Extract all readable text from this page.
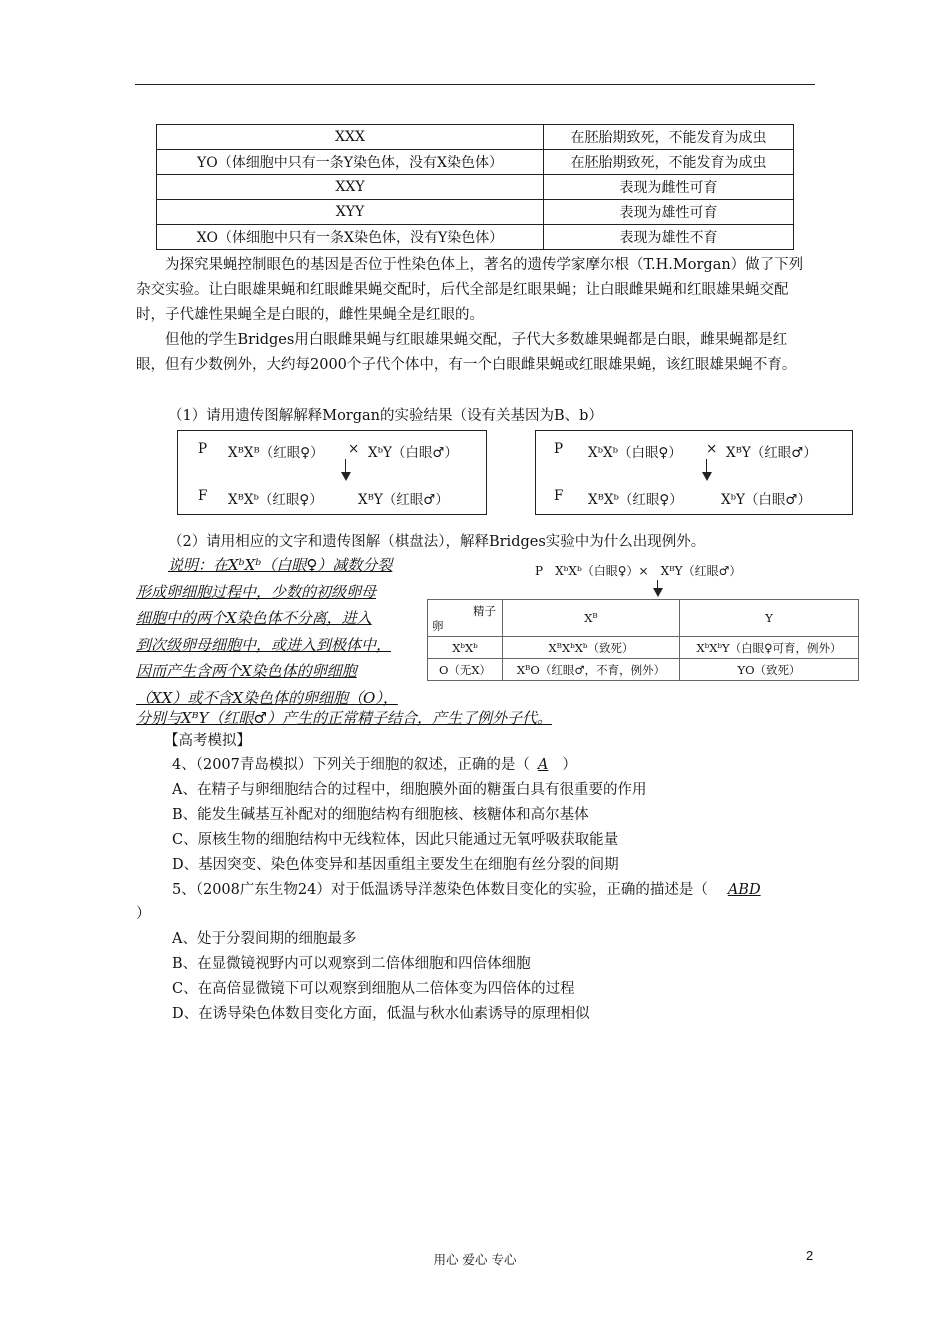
XXX	在胚胎期致死，不能发育为成虫
YO（体细胞中只有一条Y染色体，没有X染色体）	在胚胎期致死，不能发育为成虫
XXY	表现为雌性可育
XYY	表现为雄性可育
XO（体细胞中只有一条X染色体，没有Y染色体）	表现为雄性不育
　　为探究果蝇控制眼色的基因是否位于性染色体上，著名的遗传学家摩尔根（T.H.Morgan）做了下列杂交实验。让白眼雄果蝇和红眼雌果蝇交配时，后代全部是红眼果蝇；让白眼雌果蝇和红眼雄果蝇交配时，子代雄性果蝇全是白眼的，雌性果蝇全是红眼的。
　　但他的学生Bridges用白眼雌果蝇与红眼雄果蝇交配，子代大多数雄果蝇都是白眼，雌果蝇都是红眼，但有少数例外，大约每2000个子代个体中，有一个白眼雌果蝇或红眼雄果蝇，该红眼雄果蝇不育。
（1）请用遗传图解解释Morgan的实验结果（设有关基因为B、b）
P XᴮXᴮ（红眼♀） × XᵇY（白眼♂）
F XᴮXᵇ（红眼♀）	XᴮY（红眼♂）
P XᵇXᵇ（白眼♀） × XᴮY（红眼♂）
F XᴮXᵇ（红眼♀）	XᵇY（白眼♂）
（2）请用相应的文字和遗传图解（棋盘法），解释Bridges实验中为什么出现例外。
说明：在XᵇXᵇ（白眼♀）减数分裂
形成卵细胞过程中，少数的初级卵母
细胞中的两个X染色体不分离，进入
到次级卵母细胞中，或进入到极体中，
因而产生含两个X染色体的卵细胞
（XX）或不含X染色体的卵细胞（O），
分别与XᴮY（红眼♂）产生的正常精子结合，产生了例外子代。
P　XᵇXᵇ（白眼♀）×　XᴮY（红眼♂）
精子
卵	Xᴮ	Y
XᵇXᵇ	XᴮXᵇXᵇ（致死）	XᵇXᵇY（白眼♀可育，例外）
O（无X）	XᴮO（红眼♂，不育，例外）	YO（致死）
【高考模拟】
4、（2007青岛模拟）下列关于细胞的叙述，正确的是（ A ）
A、在精子与卵细胞结合的过程中，细胞膜外面的糖蛋白具有很重要的作用
B、能发生碱基互补配对的细胞结构有细胞核、核糖体和高尔基体
C、原核生物的细胞结构中无线粒体，因此只能通过无氧呼吸获取能量
D、基因突变、染色体变异和基因重组主要发生在细胞有丝分裂的间期
5、（2008广东生物24）对于低温诱导洋葱染色体数目变化的实验，正确的描述是（ ABD
）
A、处于分裂间期的细胞最多
B、在显微镜视野内可以观察到二倍体细胞和四倍体细胞
C、在高倍显微镜下可以观察到细胞从二倍体变为四倍体的过程
D、在诱导染色体数目变化方面，低温与秋水仙素诱导的原理相似
用心 爱心 专心	2
